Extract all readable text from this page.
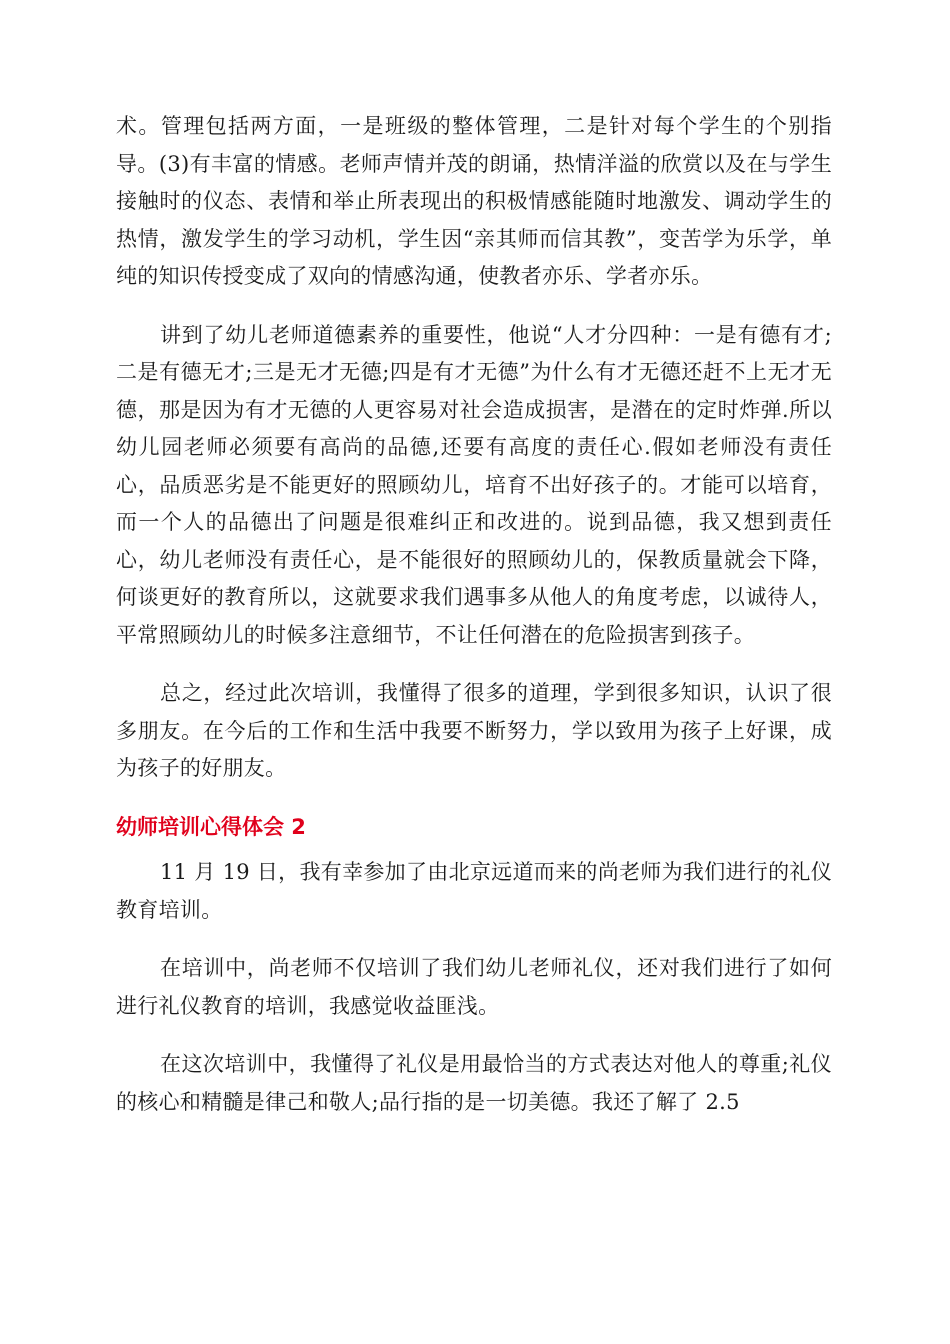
术。管理包括两方面，一是班级的整体管理，二是针对每个学生的个别指导。(3)有丰富的情感。老师声情并茂的朗诵，热情洋溢的欣赏以及在与学生接触时的仪态、表情和举止所表现出的积极情感能随时地激发、调动学生的热情，激发学生的学习动机，学生因“亲其师而信其教”，变苦学为乐学，单纯的知识传授变成了双向的情感沟通，使教者亦乐、学者亦乐。

讲到了幼儿老师道德素养的重要性，他说“人才分四种：一是有德有才;二是有德无才;三是无才无德;四是有才无德”为什么有才无德还赶不上无才无德，那是因为有才无德的人更容易对社会造成损害，是潜在的定时炸弹.所以幼儿园老师必须要有高尚的品德,还要有高度的责任心.假如老师没有责任心，品质恶劣是不能更好的照顾幼儿，培育不出好孩子的。才能可以培育，而一个人的品德出了问题是很难纠正和改进的。说到品德，我又想到责任心，幼儿老师没有责任心，是不能很好的照顾幼儿的，保教质量就会下降，何谈更好的教育所以，这就要求我们遇事多从他人的角度考虑，以诚待人，平常照顾幼儿的时候多注意细节，不让任何潜在的危险损害到孩子。

总之，经过此次培训，我懂得了很多的道理，学到很多知识，认识了很多朋友。在今后的工作和生活中我要不断努力，学以致用为孩子上好课，成为孩子的好朋友。

幼师培训心得体会 2

11 月 19 日，我有幸参加了由北京远道而来的尚老师为我们进行的礼仪教育培训。

在培训中，尚老师不仅培训了我们幼儿老师礼仪，还对我们进行了如何进行礼仪教育的培训，我感觉收益匪浅。

在这次培训中，我懂得了礼仪是用最恰当的方式表达对他人的尊重;礼仪的核心和精髓是律己和敬人;品行指的是一切美德。我还了解了 2.5
